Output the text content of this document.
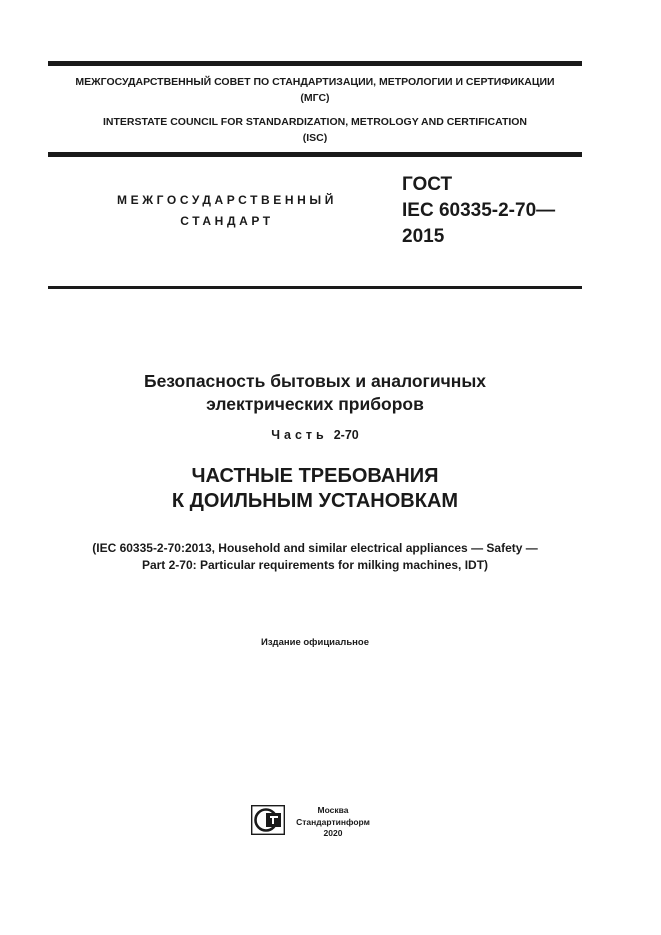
МЕЖГОСУДАРСТВЕННЫЙ СОВЕТ ПО СТАНДАРТИЗАЦИИ, МЕТРОЛОГИИ И СЕРТИФИКАЦИИ
(МГС)
INTERSTATE COUNCIL FOR STANDARDIZATION, METROLOGY AND CERTIFICATION
(ISC)
МЕЖГОСУДАРСТВЕННЫЙ
СТАНДАРТ
ГОСТ
IEC 60335-2-70—
2015
Безопасность бытовых и аналогичных
электрических приборов
Часть 2-70
ЧАСТНЫЕ ТРЕБОВАНИЯ
К ДОИЛЬНЫМ УСТАНОВКАМ
(IEC 60335-2-70:2013, Household and similar electrical appliances — Safety —
Part 2-70: Particular requirements for milking machines, IDT)
Издание официальное
Москва
Стандартинформ
2020
